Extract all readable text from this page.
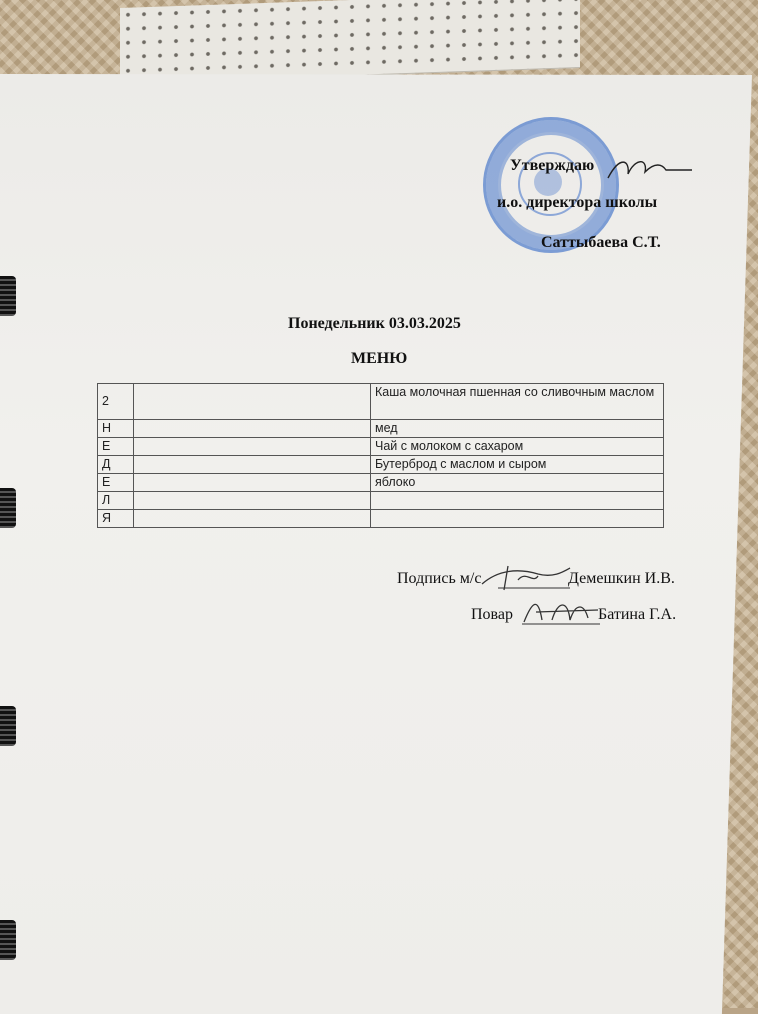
Утверждаю
и.о. директора школы
Саттыбаева С.Т.
Понедельник 03.03.2025
МЕНЮ
2		Каша молочная пшенная со сливочным маслом
Н		мед
Е		Чай с молоком с сахаром
Д		Бутерброд с маслом и сыром
Е		яблоко
Л		
Я		
Подпись м/с	Демешкин И.В.
Повар	Батина Г.А.
